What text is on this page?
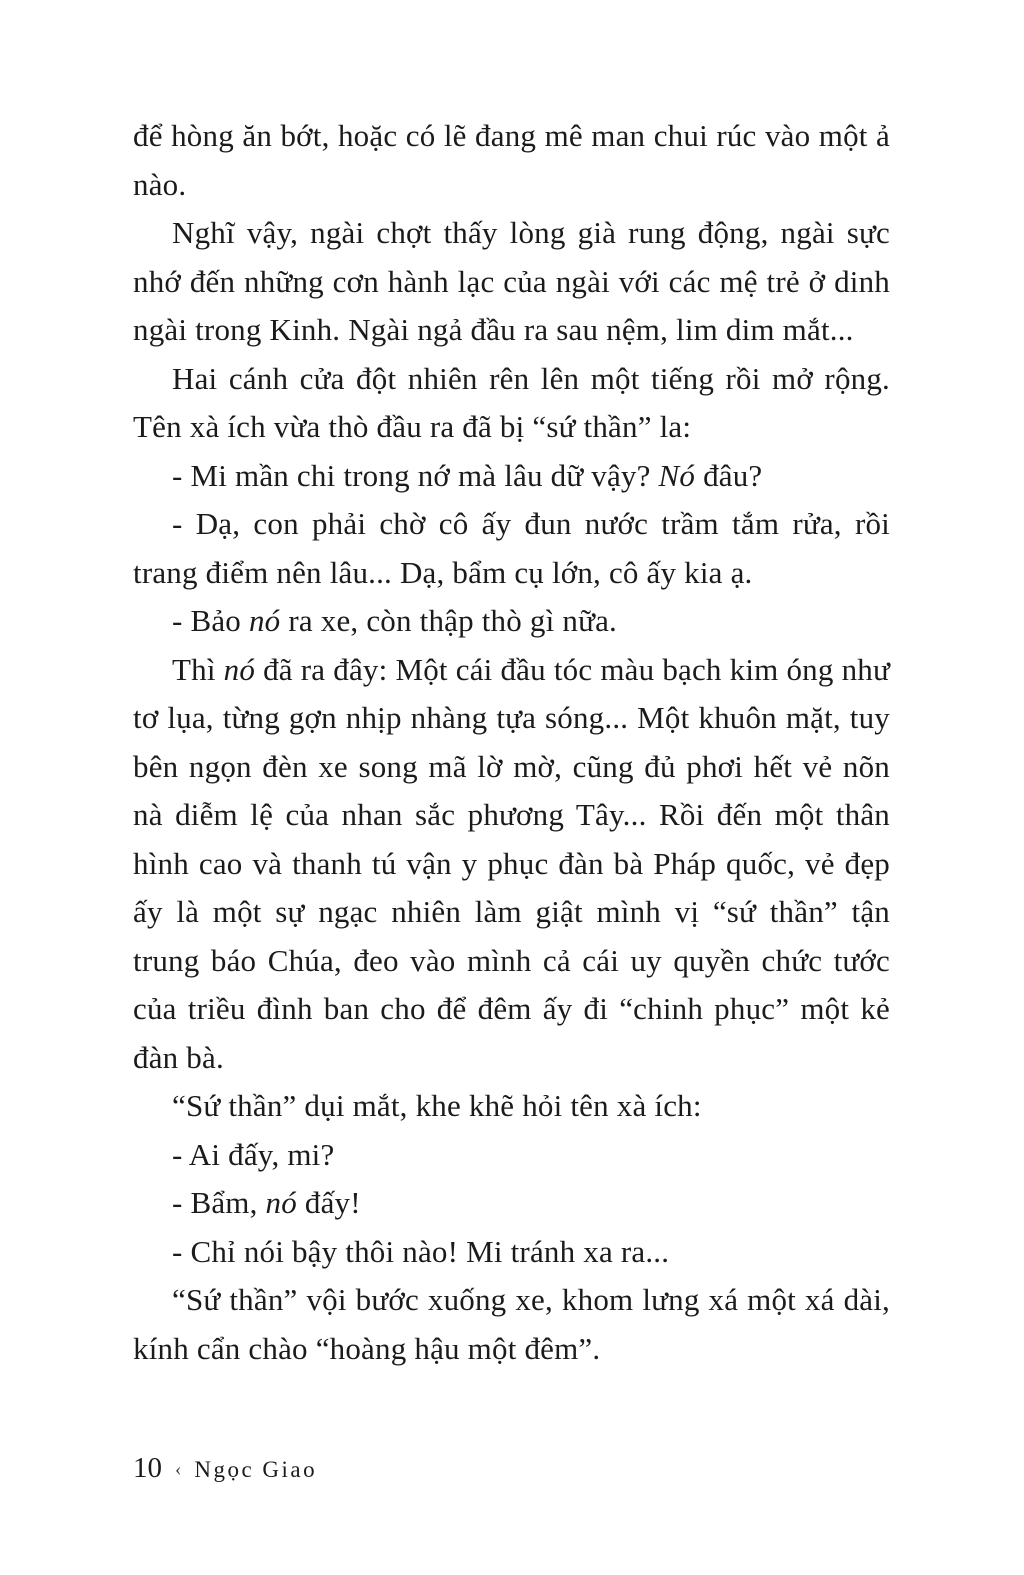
để hòng ăn bớt, hoặc có lẽ đang mê man chui rúc vào một ả nào.

Nghĩ vậy, ngài chợt thấy lòng già rung động, ngài sực nhớ đến những cơn hành lạc của ngài với các mệ trẻ ở dinh ngài trong Kinh. Ngài ngả đầu ra sau nệm, lim dim mắt...

Hai cánh cửa đột nhiên rên lên một tiếng rồi mở rộng. Tên xà ích vừa thò đầu ra đã bị “sứ thần” la:

- Mi mần chi trong nớ mà lâu dữ vậy? Nó đâu?

- Dạ, con phải chờ cô ấy đun nước trầm tắm rửa, rồi trang điểm nên lâu... Dạ, bẩm cụ lớn, cô ấy kia ạ.

- Bảo nó ra xe, còn thập thò gì nữa.

Thì nó đã ra đây: Một cái đầu tóc màu bạch kim óng như tơ lụa, từng gợn nhịp nhàng tựa sóng... Một khuôn mặt, tuy bên ngọn đèn xe song mã lờ mờ, cũng đủ phơi hết vẻ nõn nà diễm lệ của nhan sắc phương Tây... Rồi đến một thân hình cao và thanh tú vận y phục đàn bà Pháp quốc, vẻ đẹp ấy là một sự ngạc nhiên làm giật mình vị “sứ thần” tận trung báo Chúa, đeo vào mình cả cái uy quyền chức tước của triều đình ban cho để đêm ấy đi “chinh phục” một kẻ đàn bà.

“Sứ thần” dụi mắt, khe khẽ hỏi tên xà ích:

- Ai đấy, mi?

- Bẩm, nó đấy!

- Chỉ nói bậy thôi nào! Mi tránh xa ra...

“Sứ thần” vội bước xuống xe, khom lưng xá một xá dài, kính cẩn chào “hoàng hậu một đêm”.

10 ‹ Ngọc Giao
